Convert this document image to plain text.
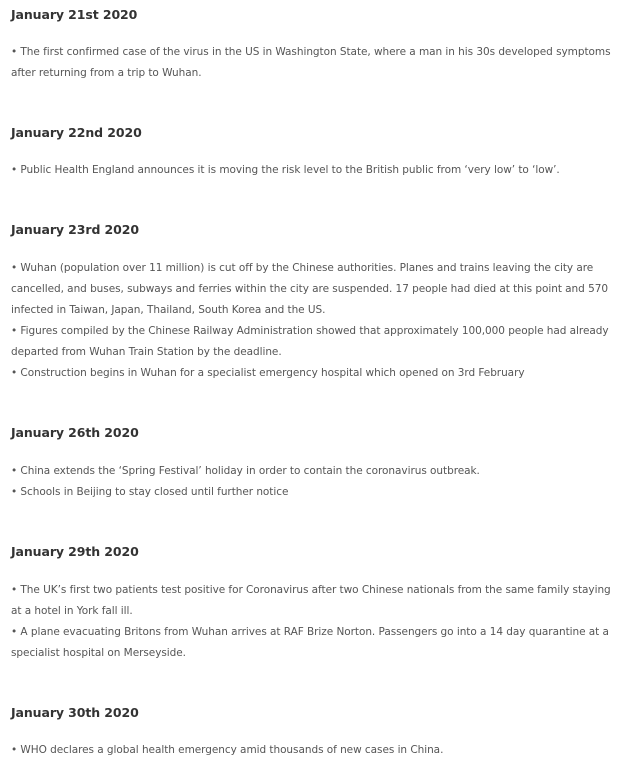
January 21st 2020
• The first confirmed case of the virus in the US in Washington State, where a man in his 30s developed symptoms after returning from a trip to Wuhan.
January 22nd 2020
• Public Health England announces it is moving the risk level to the British public from ‘very low’ to ‘low’.
January 23rd 2020
• Wuhan (population over 11 million) is cut off by the Chinese authorities. Planes and trains leaving the city are cancelled, and buses, subways and ferries within the city are suspended. 17 people had died at this point and 570 infected in Taiwan, Japan, Thailand, South Korea and the US.
• Figures compiled by the Chinese Railway Administration showed that approximately 100,000 people had already departed from Wuhan Train Station by the deadline.
• Construction begins in Wuhan for a specialist emergency hospital which opened on 3rd February
January 26th 2020
• China extends the ‘Spring Festival’ holiday in order to contain the coronavirus outbreak.
• Schools in Beijing to stay closed until further notice
January 29th 2020
• The UK’s first two patients test positive for Coronavirus after two Chinese nationals from the same family staying at a hotel in York fall ill.
• A plane evacuating Britons from Wuhan arrives at RAF Brize Norton. Passengers go into a 14 day quarantine at a specialist hospital on Merseyside.
January 30th 2020
• WHO declares a global health emergency amid thousands of new cases in China.
